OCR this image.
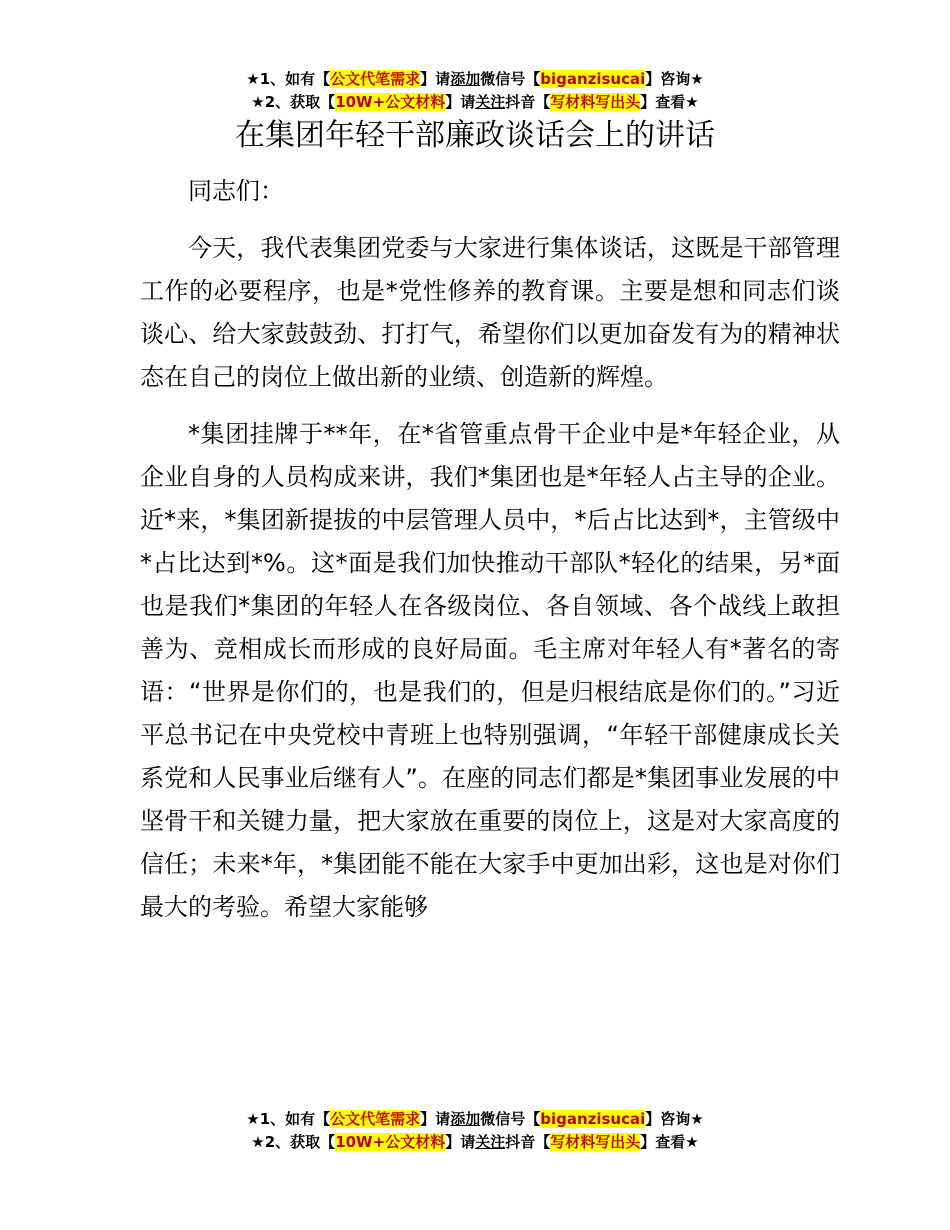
★1、如有【公文代笔需求】请添加微信号【biganzisucai】咨询★
★2、获取【10W+公文材料】请关注抖音【写材料写出头】查看★
在集团年轻干部廉政谈话会上的讲话

同志们：

今天，我代表集团党委与大家进行集体谈话，这既是干部管理工作的必要程序，也是*党性修养的教育课。主要是想和同志们谈谈心、给大家鼓鼓劲、打打气，希望你们以更加奋发有为的精神状态在自己的岗位上做出新的业绩、创造新的辉煌。

*集团挂牌于**年，在*省管重点骨干企业中是*年轻企业，从企业自身的人员构成来讲，我们*集团也是*年轻人占主导的企业。近*来，*集团新提拔的中层管理人员中，*后占比达到*，主管级中*占比达到*%。这*面是我们加快推动干部队*轻化的结果，另*面也是我们*集团的年轻人在各级岗位、各自领域、各个战线上敢担善为、竞相成长而形成的良好局面。毛主席对年轻人有*著名的寄语：“世界是你们的，也是我们的，但是归根结底是你们的。”习近平总书记在中央党校中青班上也特别强调，“年轻干部健康成长关系党和人民事业后继有人”。在座的同志们都是*集团事业发展的中坚骨干和关键力量，把大家放在重要的岗位上，这是对大家高度的信任；未来*年，*集团能不能在大家手中更加出彩，这也是对你们最大的考验。希望大家能够

★1、如有【公文代笔需求】请添加微信号【biganzisucai】咨询★
★2、获取【10W+公文材料】请关注抖音【写材料写出头】查看★
